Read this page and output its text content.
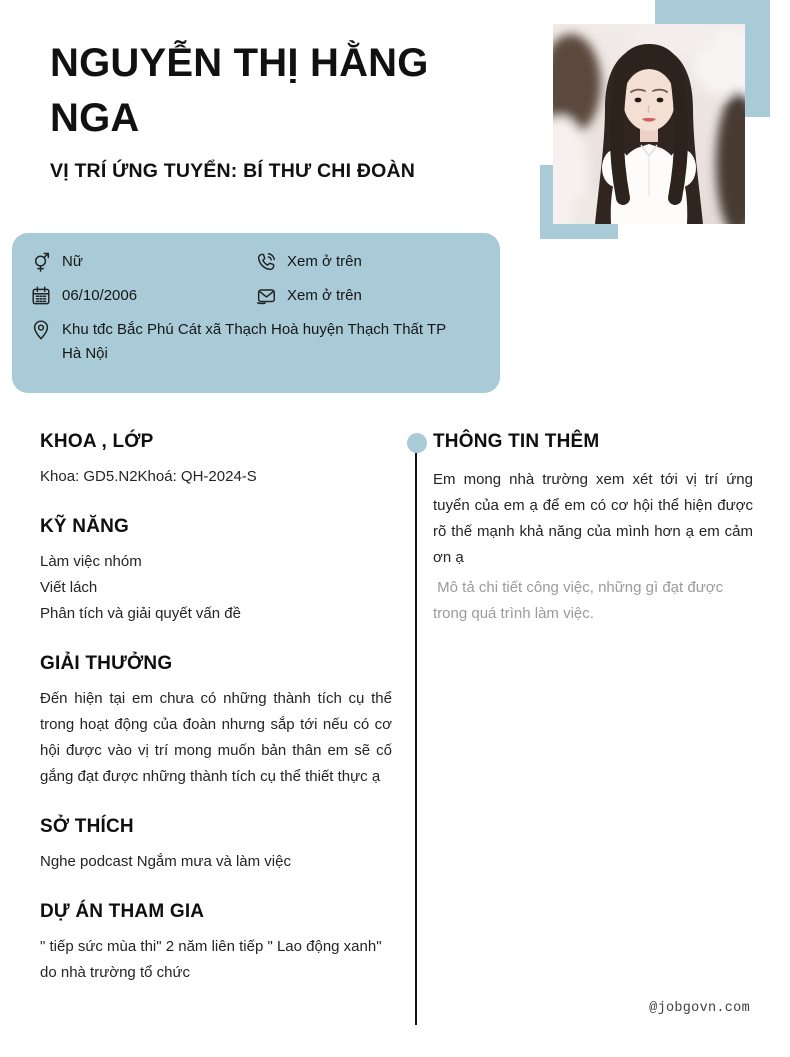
NGUYỄN THỊ HẰNG NGA
VỊ TRÍ ỨNG TUYỂN: BÍ THƯ CHI ĐOÀN
Nữ	Xem ở trên
06/10/2006	Xem ở trên
Khu tđc Bắc Phú Cát xã Thạch Hoà huyện Thạch Thất TP Hà Nội
KHOA , LỚP

Khoa: GD5.N2Khoá: QH-2024-S

KỸ NĂNG

Làm việc nhóm

Viết lách

Phân tích và giải quyết vấn đề

GIẢI THƯỞNG

Đến hiện tại em chưa có những thành tích cụ thể trong hoạt động của đoàn nhưng sắp tới nếu có cơ hội được vào vị trí mong muốn bản thân em sẽ cố gắng đạt được những thành tích cụ thể thiết thực ạ

SỞ THÍCH

Nghe podcast Ngắm mưa và làm việc

DỰ ÁN THAM GIA

" tiếp sức mùa thi" 2 năm liên tiếp " Lao động xanh" do nhà trường tổ chức

THÔNG TIN THÊM

Em mong nhà trường xem xét tới vị trí ứng tuyển của em ạ để em có cơ hội thể hiện được rõ thế mạnh khả năng của mình hơn ạ em cảm ơn ạ

Mô tả chi tiết công việc, những gì đạt được trong quá trình làm việc.

@jobgovn.com
